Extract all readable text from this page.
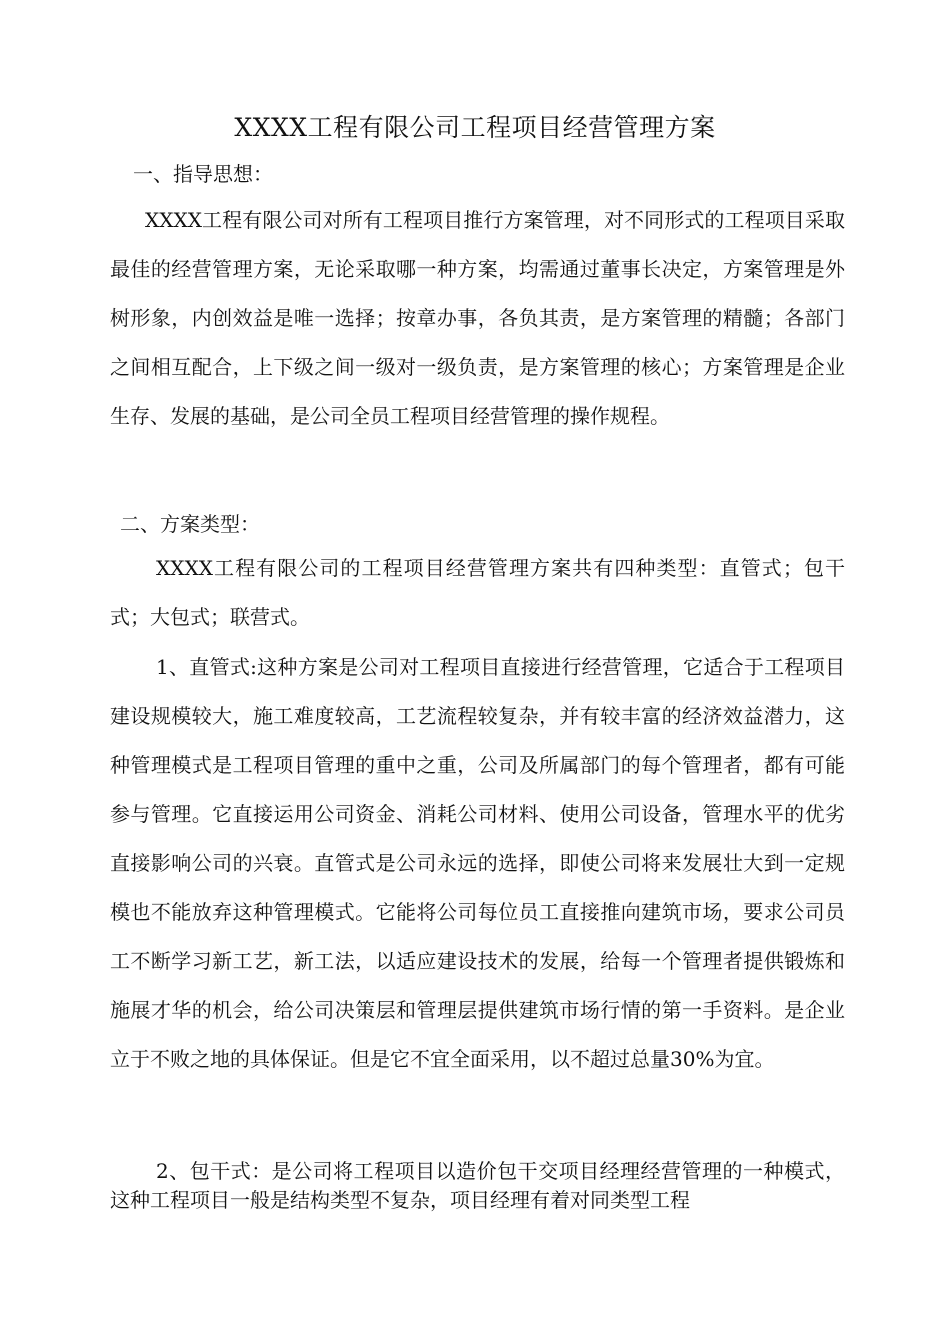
XXXX工程有限公司工程项目经营管理方案
一、指导思想：
XXXX工程有限公司对所有工程项目推行方案管理，对不同形式的工程项目采取最佳的经营管理方案，无论采取哪一种方案，均需通过董事长决定，方案管理是外树形象，内创效益是唯一选择；按章办事，各负其责，是方案管理的精髓；各部门之间相互配合，上下级之间一级对一级负责，是方案管理的核心；方案管理是企业生存、发展的基础，是公司全员工程项目经营管理的操作规程。
二、方案类型：
XXXX工程有限公司的工程项目经营管理方案共有四种类型：直管式；包干式；大包式；联营式。
1、直管式:这种方案是公司对工程项目直接进行经营管理，它适合于工程项目建设规模较大，施工难度较高，工艺流程较复杂，并有较丰富的经济效益潜力，这种管理模式是工程项目管理的重中之重，公司及所属部门的每个管理者，都有可能参与管理。它直接运用公司资金、消耗公司材料、使用公司设备，管理水平的优劣直接影响公司的兴衰。直管式是公司永远的选择，即使公司将来发展壮大到一定规模也不能放弃这种管理模式。它能将公司每位员工直接推向建筑市场，要求公司员工不断学习新工艺，新工法，以适应建设技术的发展，给每一个管理者提供锻炼和施展才华的机会，给公司决策层和管理层提供建筑市场行情的第一手资料。是企业立于不败之地的具体保证。但是它不宜全面采用，以不超过总量30%为宜。
2、包干式：是公司将工程项目以造价包干交项目经理经营管理的一种模式，这种工程项目一般是结构类型不复杂，项目经理有着对同类型工程
